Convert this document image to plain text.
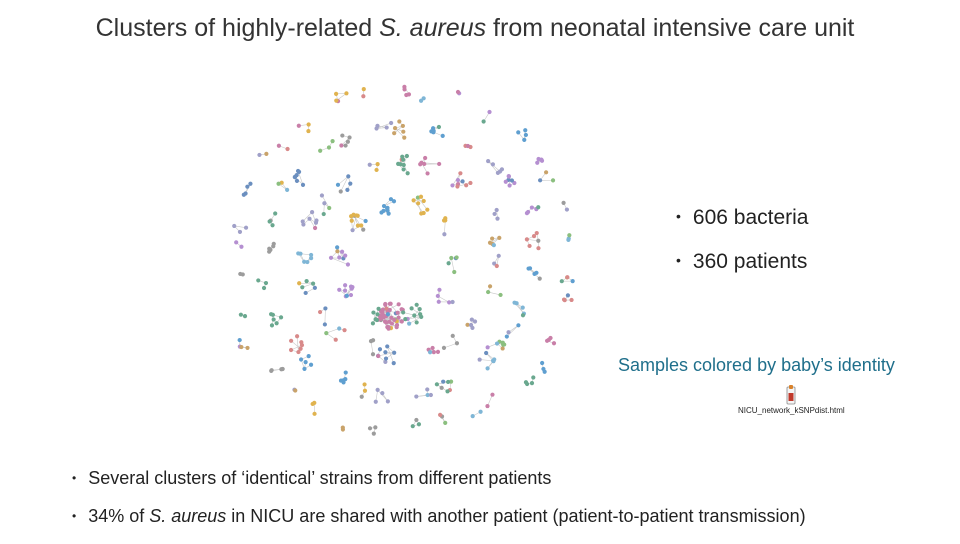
Clusters of highly-related S. aureus from neonatal intensive care unit
• 606 bacteria
• 360 patients
Samples colored by baby’s identity
NICU_network_kSNPdist.html
• Several clusters of ‘identical’ strains from different patients
• 34% of S. aureus in NICU are shared with another patient (patient-to-patient transmission)
